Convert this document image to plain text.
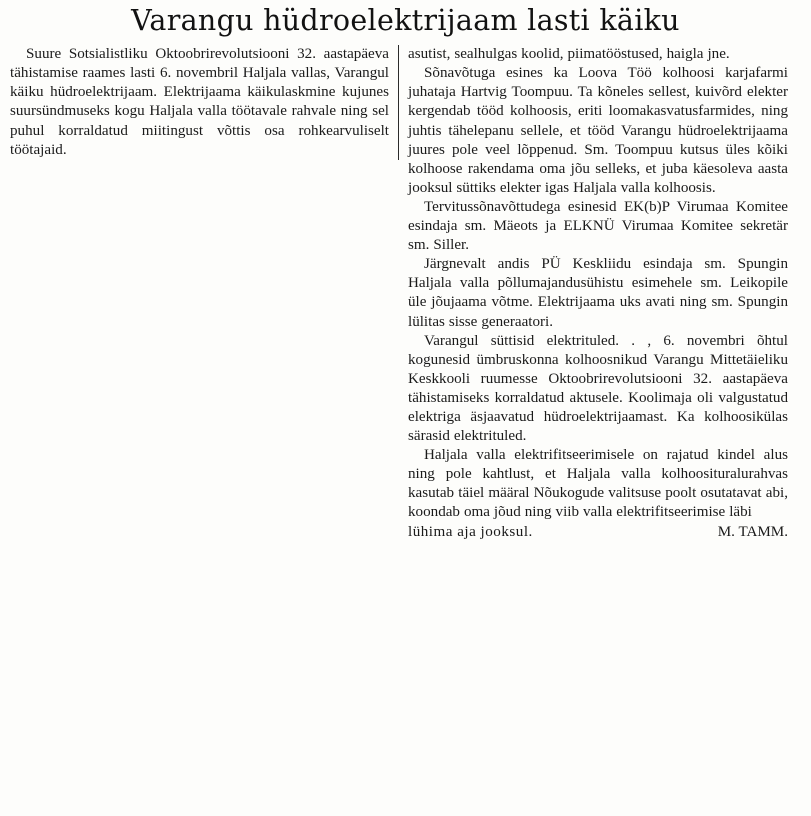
Varangu hüdroelektrijaam lasti käiku

Suure Sotsialistliku Oktoobrirevolutsiooni 32. aastapäeva tähistamise raames lasti 6. novembril Haljala vallas, Varangul käiku hüdroelektrijaam. Elektrijaama käikulaskmine kujunes suursündmuseks kogu Haljala valla töötavale rahvale ning sel puhul korraldatud miitingust võttis osa rohkearvuliselt töötajaid.

asutist, sealhulgas koolid, piimatööstused, haigla jne.

Sõnavõtuga esines ka Loova Töö kolhoosi karjafarmi juhataja Hartvig Toompuu. Ta kõneles sellest, kuivõrd elekter kergendab tööd kolhoosis, eriti loomakasvatusfarmides, ning juhtis tähelepanu sellele, et tööd Varangu hüdroelektrijaama juures pole veel lõppenud. Sm. Toompuu kutsus üles kõiki kolhoose rakendama oma jõu selleks, et juba käesoleva aasta jooksul süttiks elekter igas Haljala valla kolhoosis.

Tervitussõnavõttudega esinesid EK(b)P Virumaa Komitee esindaja sm. Mäeots ja ELKNÜ Virumaa Komitee sekretär sm. Siller.

Järgnevalt andis PÜ Keskliidu esindaja sm. Spungin Haljala valla põllumajandusühistu esimehele sm. Leikopile üle jõujaama võtme. Elektrijaama uks avati ning sm. Spungin lülitas sisse generaatori.

Varangul süttisid elektrituled. . , 6. novembri õhtul kogunesid ümbruskonna kolhoosnikud Varangu Mittetäieliku Keskkooli ruumesse Oktoobrirevolutsiooni 32. aastapäeva tähistamiseks korraldatud aktusele. Koolimaja oli valgustatud elektriga äsjaavatud hüdroelektrijaamast. Ka kolhoosikülas särasid elektrituled.

Haljala valla elektrifitseerimisele on rajatud kindel alus ning pole kahtlust, et Haljala valla kolhoosituralurahvas kasutab täiel määral Nõukogude valitsuse poolt osutatavat abi, koondab oma jõud ning viib valla elektrifitseerimise läbi

lühima aja jooksul.	M. TAMM.
